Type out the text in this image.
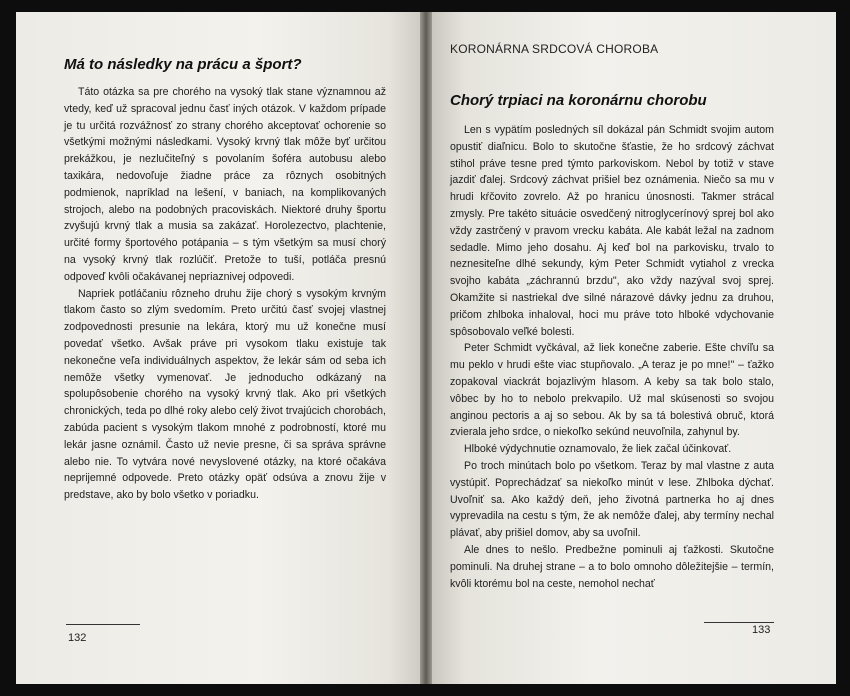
Má to následky na prácu a šport?

Táto otázka sa pre chorého na vysoký tlak stane významnou až vtedy, keď už spracoval jednu časť iných otázok. V každom prípade je tu určitá rozvážnosť zo strany chorého akceptovať ochorenie so všetkými možnými následkami. Vysoký krvný tlak môže byť určitou prekážkou, je nezlučiteľný s povolaním šoféra autobusu alebo taxikára, nedovoľuje žiadne práce za rôznych osobitných podmienok, napríklad na lešení, v baniach, na komplikovaných strojoch, alebo na podobných pracoviskách. Niektoré druhy športu zvyšujú krvný tlak a musia sa zakázať. Horolezectvo, plachtenie, určité formy športového potápania – s tým všetkým sa musí chorý na vysoký krvný tlak rozlúčiť. Pretože to tuší, potláča presnú odpoveď kvôli očakávanej nepriaznivej odpovedi.

Napriek potláčaniu rôzneho druhu žije chorý s vysokým krvným tlakom často so zlým svedomím. Preto určitú časť svojej vlastnej zodpovednosti presunie na lekára, ktorý mu už konečne musí povedať všetko. Avšak práve pri vysokom tlaku existuje tak nekonečne veľa individuálnych aspektov, že lekár sám od seba ich nemôže všetky vymenovať. Je jednoducho odkázaný na spolupôsobenie chorého na vysoký krvný tlak. Ako pri všetkých chronických, teda po dlhé roky alebo celý život trvajúcich chorobách, zabúda pacient s vysokým tlakom mnohé z podrobností, ktoré mu lekár jasne oznámil. Často už nevie presne, či sa správa správne alebo nie. To vytvára nové nevyslovené otázky, na ktoré očakáva neprijemné odpovede. Preto otázky opäť odsúva a znovu žije v predstave, ako by bolo všetko v poriadku.

132
KORONÁRNA SRDCOVÁ CHOROBA
Chorý trpiaci na koronárnu chorobu

Len s vypätím posledných síl dokázal pán Schmidt svojim autom opustiť diaľnicu. Bolo to skutočne šťastie, že ho srdcový záchvat stihol práve tesne pred týmto parkoviskom. Nebol by totiž v stave jazdiť ďalej. Srdcový záchvat prišiel bez oznámenia. Niečo sa mu v hrudi kŕčovito zovrelo. Až po hranicu únosnosti. Takmer strácal zmysly. Pre takéto situácie osvedčený nitroglycerínový sprej bol ako vždy zastrčený v pravom vrecku kabáta. Ale kabát ležal na zadnom sedadle. Mimo jeho dosahu. Aj keď bol na parkovisku, trvalo to neznesiteľne dlhé sekundy, kým Peter Schmidt vytiahol z vrecka svojho kabáta „záchrannú brzdu", ako vždy nazýval svoj sprej. Okamžite si nastriekal dve silné nárazové dávky jednu za druhou, pričom zhlboka inhaloval, hoci mu práve toto hlboké vdychovanie spôsobovalo veľké bolesti.

Peter Schmidt vyčkával, až liek konečne zaberie. Ešte chvíľu sa mu peklo v hrudi ešte viac stupňovalo. „A teraz je po mne!" – ťažko zopakoval viackrát bojazlivým hlasom. A keby sa tak bolo stalo, vôbec by ho to nebolo prekvapilo. Už mal skúsenosti so svojou anginou pectoris a aj so sebou. Ak by sa tá bolestivá obruč, ktorá zvierala jeho srdce, o niekoľko sekúnd neuvoľnila, zahynul by.

Hlboké výdychnutie oznamovalo, že liek začal účinkovať.

Po troch minútach bolo po všetkom. Teraz by mal vlastne z auta vystúpiť. Poprechádzať sa niekoľko minút v lese. Zhlboka dýchať. Uvoľniť sa. Ako každý deň, jeho životná partnerka ho aj dnes vyprevadila na cestu s tým, že ak nemôže ďalej, aby termíny nechal plávať, aby prišiel domov, aby sa uvoľnil.

Ale dnes to nešlo. Predbežne pominuli aj ťažkosti. Skutočne pominuli. Na druhej strane – a to bolo omnoho dôležitejšie – termín, kvôli ktorému bol na ceste, nemohol nechať

133
